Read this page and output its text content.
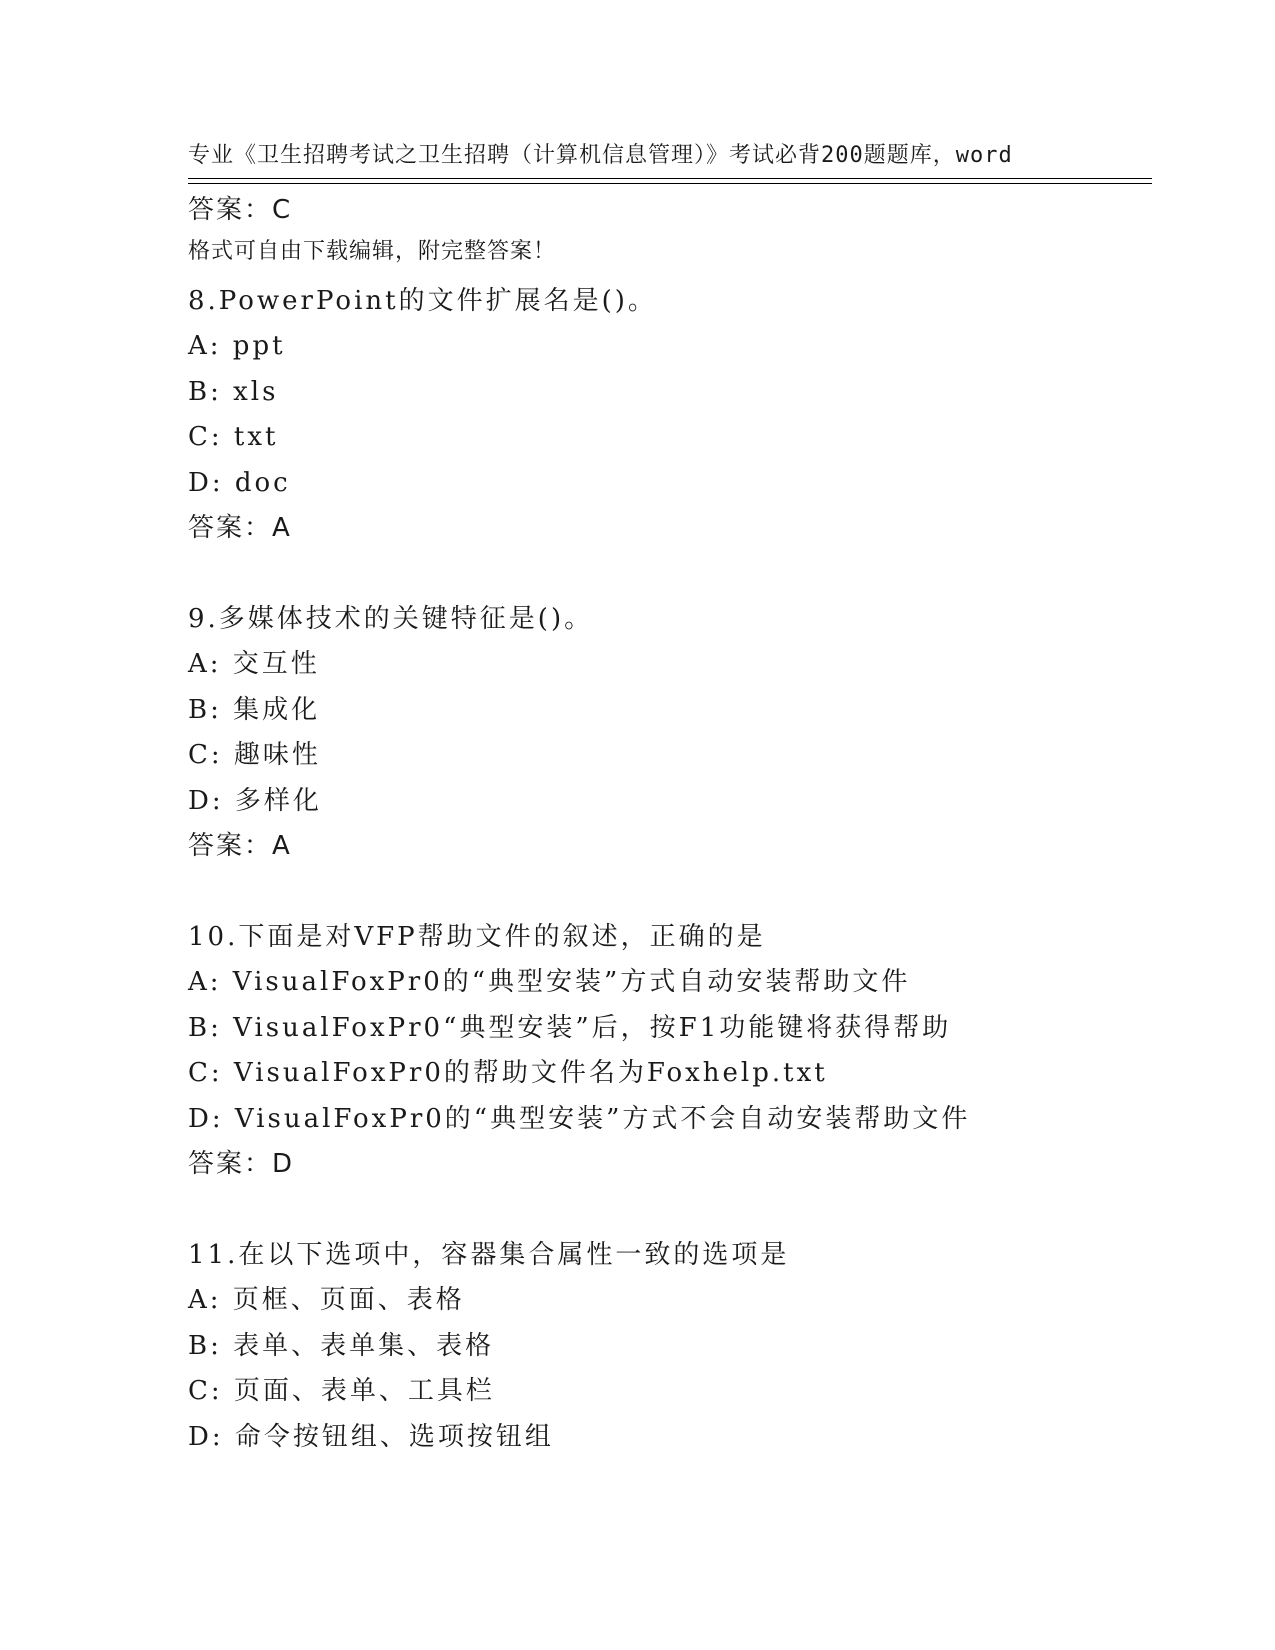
专业《卫生招聘考试之卫生招聘（计算机信息管理）》考试必背200题题库，word

格式可自由下载编辑，附完整答案！

答案：C
8.PowerPoint的文件扩展名是()。
A: ppt
B: xls
C: txt
D: doc
答案：A
9.多媒体技术的关键特征是()。
A: 交互性
B: 集成化
C: 趣味性
D: 多样化
答案：A
10.下面是对VFP帮助文件的叙述，正确的是
A: VisualFoxPr0的“典型安装”方式自动安装帮助文件
B: VisualFoxPr0“典型安装”后，按F1功能键将获得帮助
C: VisualFoxPr0的帮助文件名为Foxhelp.txt
D: VisualFoxPr0的“典型安装”方式不会自动安装帮助文件
答案：D
11.在以下选项中，容器集合属性一致的选项是
A: 页框、页面、表格
B: 表单、表单集、表格
C: 页面、表单、工具栏
D: 命令按钮组、选项按钮组
